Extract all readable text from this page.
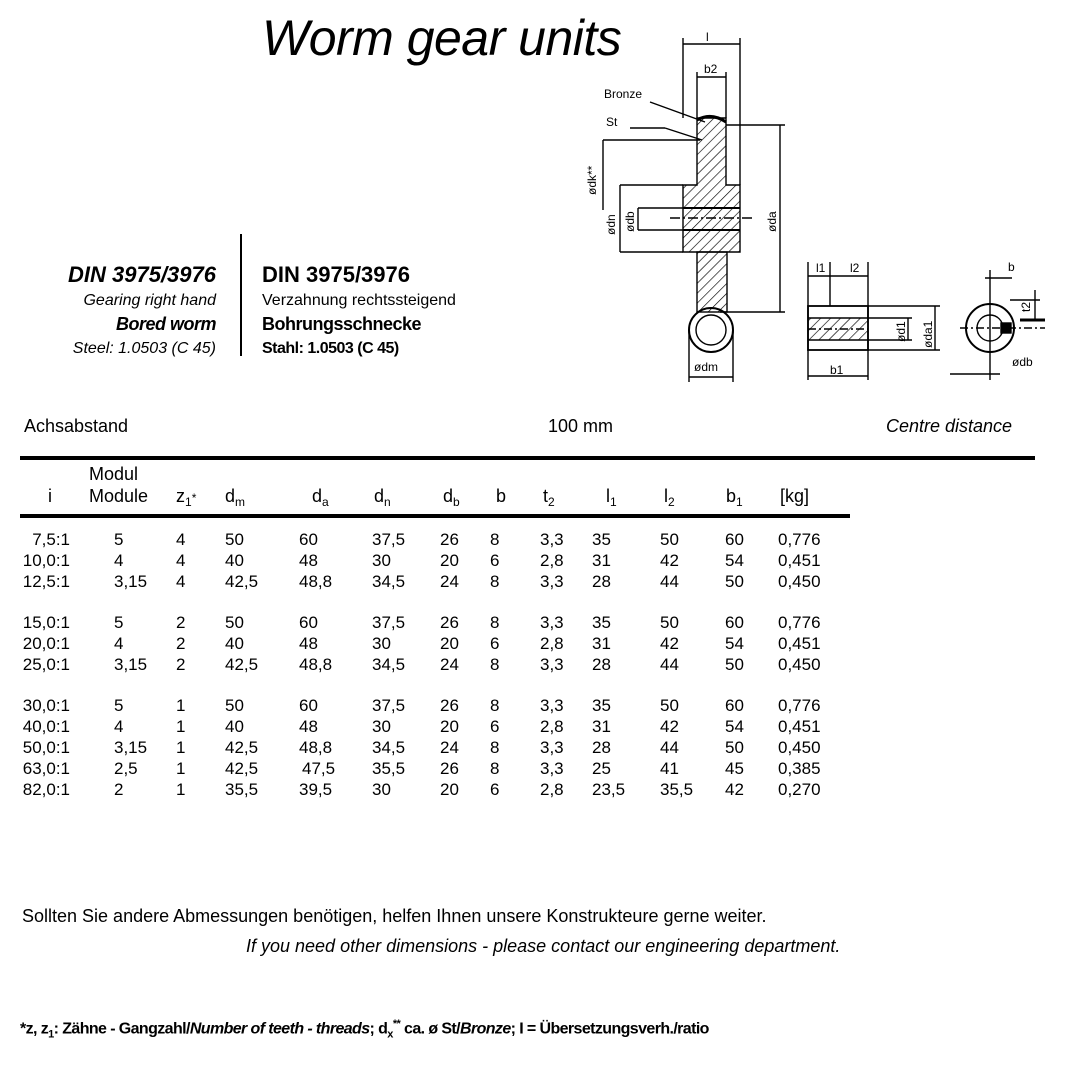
Worm gear units	l
b2
Bronze
St
ødk**
ødn ødb	øda
ødm
l1 l2
ød1 øda1
b1
b
t2
ødb
DIN 3975/3976
Gearing right hand
Bored worm
Steel: 1.0503 (C 45)
DIN 3975/3976
Verzahnung rechtssteigend
Bohrungsschnecke
Stahl: 1.0503 (C 45)
Achsabstand	100 mm	Centre distance
i
Modul
Module $z_1*$ $d_m$	$d_a$	$d_n$	$d_b$ b $t_2$	$l_1$	$l_2$	$b_1$ [kg]
7,5:1	5	4 50	60	37,5 26 8 3,3 35	50	60 0,776
10,0:1	4	4 40	48	30	20 6 2,8 31	42	54 0,451
12,5:1	3,15 4 42,5 48,8 34,5 24 8 3,3 28	44	50 0,450
15,0:1	5	2 50	60	37,5 26 8 3,3 35	50	60 0,776
20,0:1	4	2 40	48	30	20 6 2,8 31	42	54 0,451
25,0:1	3,15 2 42,5 48,8 34,5 24 8 3,3 28	44	50 0,450
30,0:1	5	1 50	60	37,5 26 8 3,3 35	50	60 0,776
40,0:1	4	1 40	48	30	20 6 2,8 31	42	54 0,451
50,0:1	3,15 1 42,5 48,8 34,5 24 8 3,3 28	44	50 0,450
63,0:1	2,5 1 42,5	47,5 35,5 26 8 3,3 25	41	45 0,385
82,0:1	2	1 35,5 39,5 30	20 6 2,8 23,5 35,5 42 0,270
Sollten Sie andere Abmessungen benötigen, helfen Ihnen unsere Konstrukteure gerne weiter.
If you need other dimensions - please contact our engineering department.
*z, $z_1$: Zähne - Gangzahl/Number of teeth - threads; $d_x^{**}$ ca. ø St/Bronze; I = Übersetzungsverh./ratio
